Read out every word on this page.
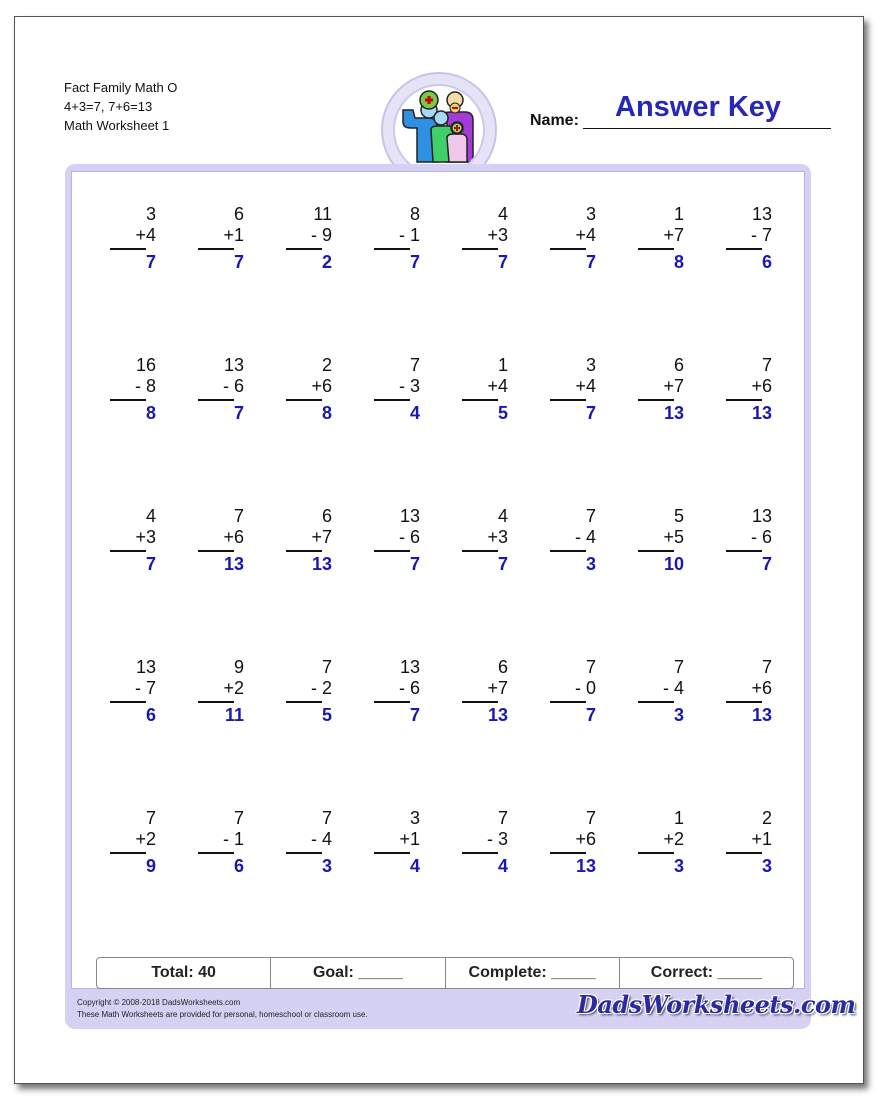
Fact Family Math O
4+3=7, 7+6=13
Math Worksheet 1
Answer Key
Name:
3
+4
7
6
+1
7
11
- 9
2
8
- 1
7
4
+3
7
3
+4
7
1
+7
8
13
- 7
6
16
- 8
8
13
- 6
7
2
+6
8
7
- 3
4
1
+4
5
3
+4
7
6
+7
13
7
+6
13
4
+3
7
7
+6
13
6
+7
13
13
- 6
7
4
+3
7
7
- 4
3
5
+5
10
13
- 6
7
13
- 7
6
9
+2
11
7
- 2
5
13
- 6
7
6
+7
13
7
- 0
7
7
- 4
3
7
+6
13
7
+2
9
7
- 1
6
7
- 4
3
3
+1
4
7
- 3
4
7
+6
13
1
+2
3
2
+1
3
Total: 40	Goal: _____	Complete: _____	Correct: _____
Copyright © 2008-2018 DadsWorksheets.com
These Math Worksheets are provided for personal, homeschool or classroom use.	DadsWorksheets.com
